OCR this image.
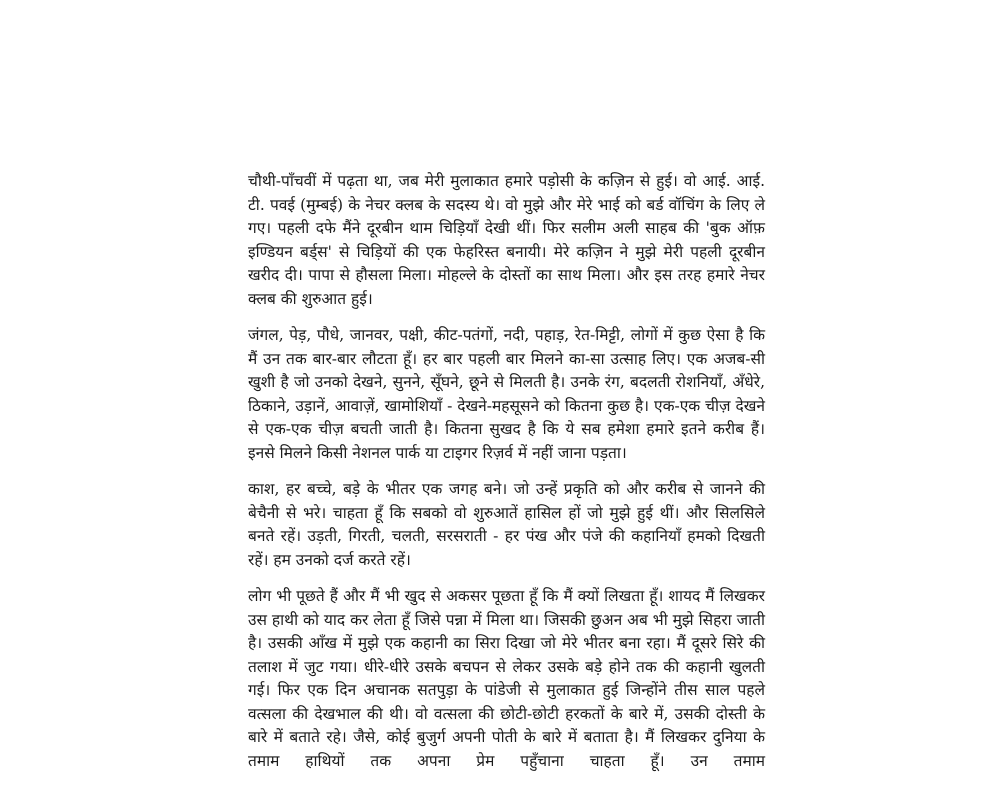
चौथी-पाँचवीं में पढ़ता था, जब मेरी मुलाकात हमारे पड़ोसी के कज़िन से हुई। वो आई. आई. टी. पवई (मुम्बई) के नेचर क्लब के सदस्य थे। वो मुझे और मेरे भाई को बर्ड वॉचिंग के लिए ले गए। पहली दफे मैंने दूरबीन थाम चिड़ियाँ देखी थीं। फिर सलीम अली साहब की 'बुक ऑफ़ इण्डियन बर्ड्स' से चिड़ियों की एक फेहरिस्त बनायी। मेरे कज़िन ने मुझे मेरी पहली दूरबीन खरीद दी। पापा से हौसला मिला। मोहल्ले के दोस्तों का साथ मिला। और इस तरह हमारे नेचर क्लब की शुरुआत हुई।

जंगल, पेड़, पौधे, जानवर, पक्षी, कीट-पतंगों, नदी, पहाड़, रेत-मिट्टी, लोगों में कुछ ऐसा है कि मैं उन तक बार-बार लौटता हूँ। हर बार पहली बार मिलने का-सा उत्साह लिए। एक अजब-सी खुशी है जो उनको देखने, सुनने, सूँघने, छूने से मिलती है। उनके रंग, बदलती रोशनियाँ, अँधेरे, ठिकाने, उड़ानें, आवाज़ें, खामोशियाँ - देखने-महसूसने को कितना कुछ है। एक-एक चीज़ देखने से एक-एक चीज़ बचती जाती है। कितना सुखद है कि ये सब हमेशा हमारे इतने करीब हैं। इनसे मिलने किसी नेशनल पार्क या टाइगर रिज़र्व में नहीं जाना पड़ता।

काश, हर बच्चे, बड़े के भीतर एक जगह बने। जो उन्हें प्रकृति को और करीब से जानने की बेचैनी से भरे। चाहता हूँ कि सबको वो शुरुआतें हासिल हों जो मुझे हुई थीं। और सिलसिले बनते रहें। उड़ती, गिरती, चलती, सरसराती - हर पंख और पंजे की कहानियाँ हमको दिखती रहें। हम उनको दर्ज करते रहें।

लोग भी पूछते हैं और मैं भी खुद से अकसर पूछता हूँ कि मैं क्यों लिखता हूँ। शायद मैं लिखकर उस हाथी को याद कर लेता हूँ जिसे पन्ना में मिला था। जिसकी छुअन अब भी मुझे सिहरा जाती है। उसकी आँख में मुझे एक कहानी का सिरा दिखा जो मेरे भीतर बना रहा। मैं दूसरे सिरे की तलाश में जुट गया। धीरे-धीरे उसके बचपन से लेकर उसके बड़े होने तक की कहानी खुलती गई। फिर एक दिन अचानक सतपुड़ा के पांडेजी से मुलाकात हुई जिन्होंने तीस साल पहले वत्सला की देखभाल की थी। वो वत्सला की छोटी-छोटी हरकतों के बारे में, उसकी दोस्ती के बारे में बताते रहे। जैसे, कोई बुजुर्ग अपनी पोती के बारे में बताता है। मैं लिखकर दुनिया के तमाम हाथियों तक अपना प्रेम पहुँचाना चाहता हूँ। उन तमाम
